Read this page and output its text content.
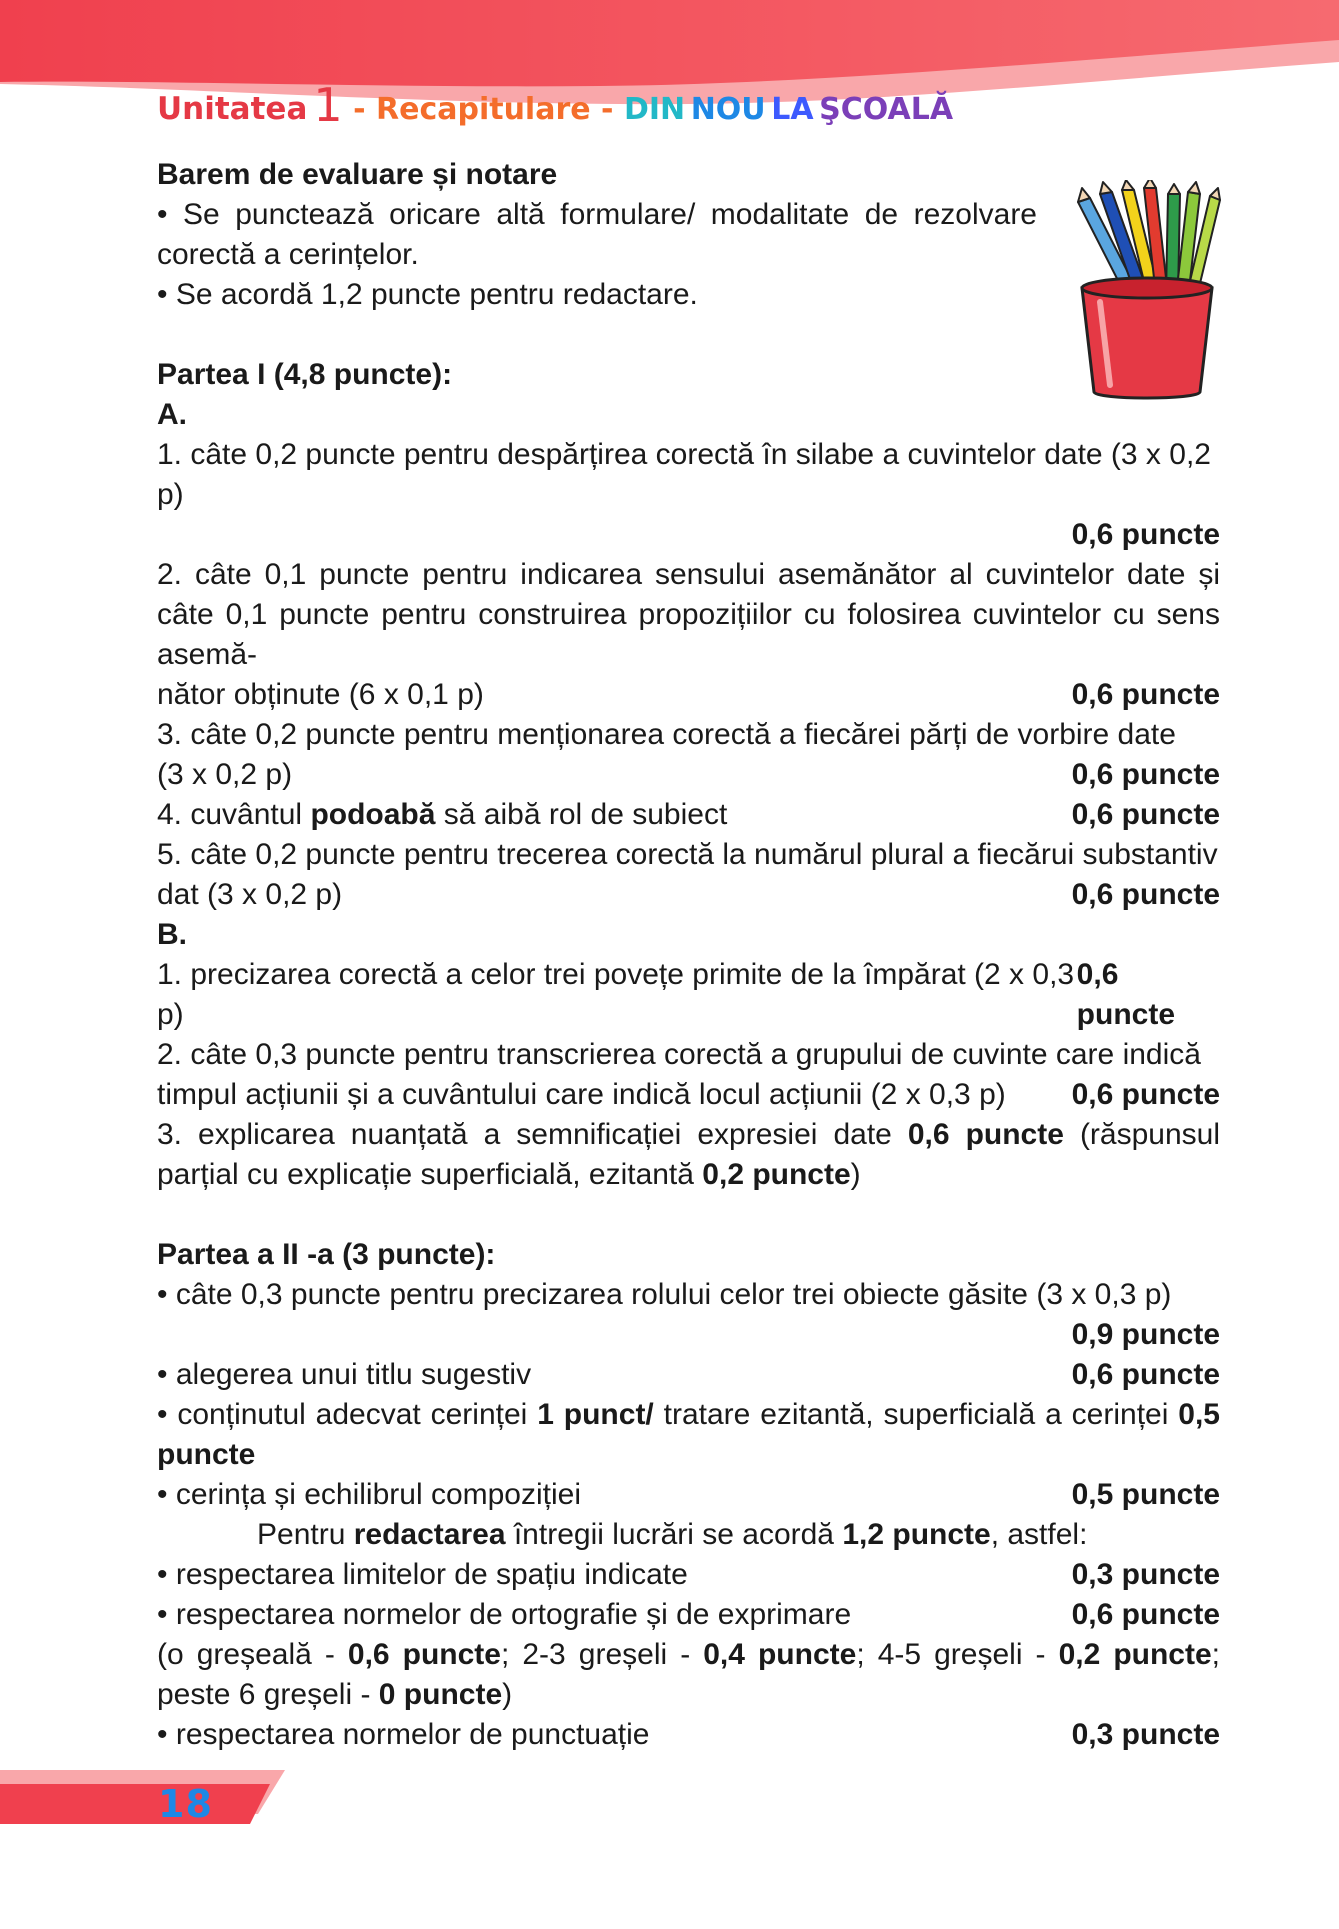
Unitatea 1 - Recapitulare - DIN NOU LA ŞCOALĂ

Barem de evaluare și notare

• Se punctează oricare altă formulare/ modalitate de rezolvare corectă a cerințelor.

• Se acordă 1,2 puncte pentru redactare.

Partea I (4,8 puncte):

A.

1. câte 0,2 puncte pentru despărțirea corectă în silabe a cuvintelor date (3 x 0,2 p)

0,6 puncte

2. câte 0,1 puncte pentru indicarea sensului asemănător al cuvintelor date și câte 0,1 puncte pentru construirea propozițiilor cu folosirea cuvintelor cu sens asemă-

nător obținute (6 x 0,1 p)	0,6 puncte

3. câte 0,2 puncte pentru menționarea corectă a fiecărei părți de vorbire date

(3 x 0,2 p)	0,6 puncte
4. cuvântul podoabă să aibă rol de subiect	0,6 puncte

5. câte 0,2 puncte pentru trecerea corectă la numărul plural a fiecărui substantiv

dat (3 x 0,2 p)	0,6 puncte

B.

1. precizarea corectă a celor trei povețe primite de la împărat (2 x 0,3 p)
0,6 puncte

2. câte 0,3 puncte pentru transcrierea corectă a grupului de cuvinte care indică

timpul acțiunii și a cuvântului care indică locul acțiunii (2 x 0,3 p) 0,6 puncte

3. explicarea nuanțată a semnificației expresiei date 0,6 puncte (răspunsul parțial cu explicație superficială, ezitantă 0,2 puncte)

Partea a II -a (3 puncte):

• câte 0,3 puncte pentru precizarea rolului celor trei obiecte găsite (3 x 0,3 p)

0,9 puncte

• alegerea unui titlu sugestiv	0,6 puncte

• conținutul adecvat cerinței 1 punct/ tratare ezitantă, superficială a cerinței 0,5 puncte

• cerința și echilibrul compoziției	0,5 puncte

Pentru redactarea întregii lucrări se acordă 1,2 puncte, astfel:

• respectarea limitelor de spațiu indicate	0,3 puncte
• respectarea normelor de ortografie și de exprimare	0,6 puncte

(o greșeală - 0,6 puncte; 2-3 greșeli - 0,4 puncte; 4-5 greșeli - 0,2 puncte; peste 6 greșeli - 0 puncte)

• respectarea normelor de punctuație	0,3 puncte
18
